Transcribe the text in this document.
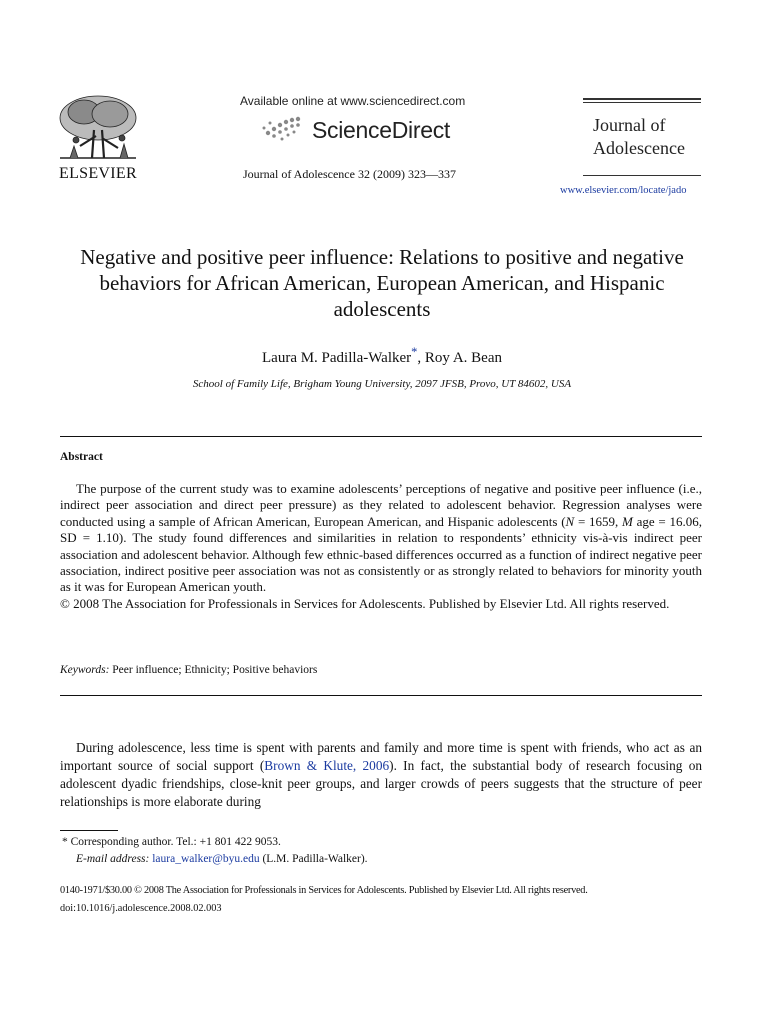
ELSEVIER
Available online at www.sciencedirect.com
ScienceDirect
Journal of Adolescence 32 (2009) 323—337
Journal of
Adolescence
www.elsevier.com/locate/jado
Negative and positive peer influence: Relations to positive and negative behaviors for African American, European American, and Hispanic adolescents
Laura M. Padilla-Walker*, Roy A. Bean
School of Family Life, Brigham Young University, 2097 JFSB, Provo, UT 84602, USA
Abstract

The purpose of the current study was to examine adolescents’ perceptions of negative and positive peer influence (i.e., indirect peer association and direct peer pressure) as they related to adolescent behavior. Regression analyses were conducted using a sample of African American, European American, and Hispanic adolescents (N = 1659, M age = 16.06, SD = 1.10). The study found differences and similarities in relation to respondents’ ethnicity vis-à-vis indirect peer association and adolescent behavior. Although few ethnic-based differences occurred as a function of indirect negative peer association, indirect positive peer association was not as consistently or as strongly related to behaviors for minority youth as it was for European American youth.

© 2008 The Association for Professionals in Services for Adolescents. Published by Elsevier Ltd. All rights reserved.

Keywords: Peer influence; Ethnicity; Positive behaviors

During adolescence, less time is spent with parents and family and more time is spent with friends, who act as an important source of social support (Brown & Klute, 2006). In fact, the substantial body of research focusing on adolescent dyadic friendships, close-knit peer groups, and larger crowds of peers suggests that the structure of peer relationships is more elaborate during

* Corresponding author. Tel.: +1 801 422 9053.
E-mail address: laura_walker@byu.edu (L.M. Padilla-Walker).
0140-1971/$30.00 © 2008 The Association for Professionals in Services for Adolescents. Published by Elsevier Ltd. All rights reserved.
doi:10.1016/j.adolescence.2008.02.003
